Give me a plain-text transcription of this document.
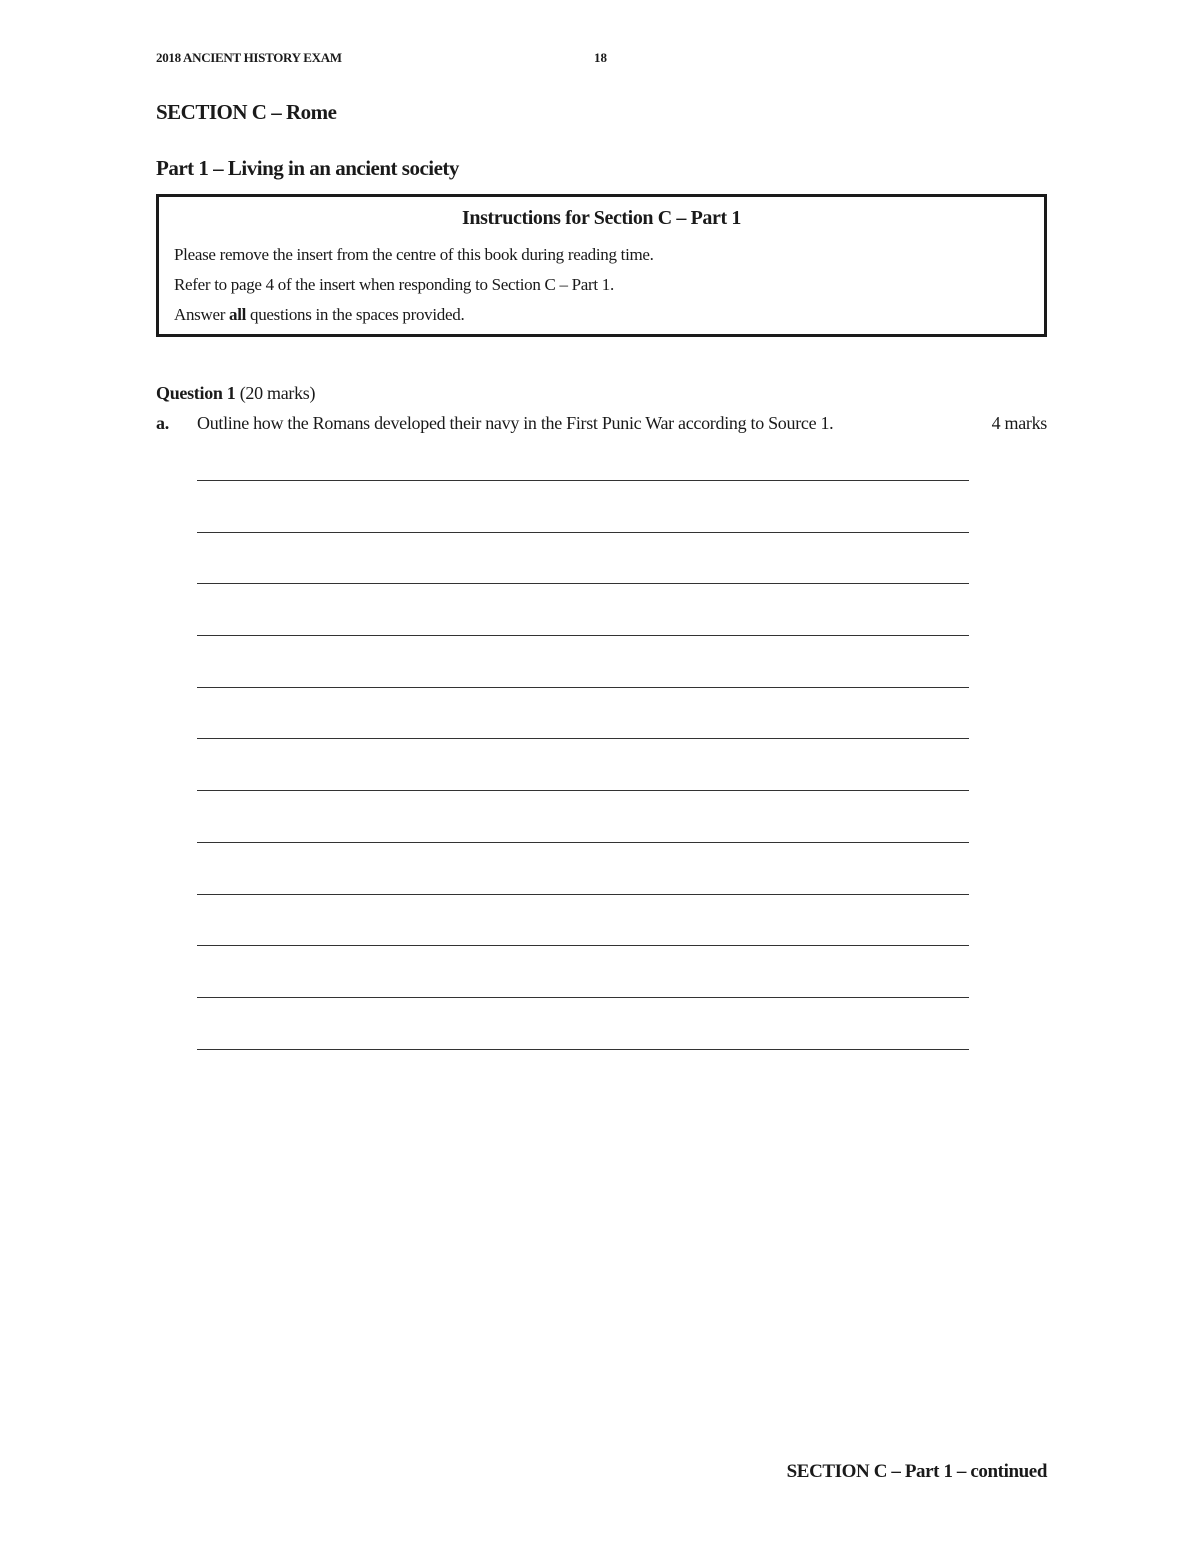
2018 ANCIENT HISTORY EXAM	18
SECTION C – Rome
Part 1 – Living in an ancient society
Instructions for Section C – Part 1
Please remove the insert from the centre of this book during reading time.
Refer to page 4 of the insert when responding to Section C – Part 1.
Answer all questions in the spaces provided.
Question 1 (20 marks)
a. Outline how the Romans developed their navy in the First Punic War according to Source 1.	4 marks
SECTION C – Part 1 – continued
